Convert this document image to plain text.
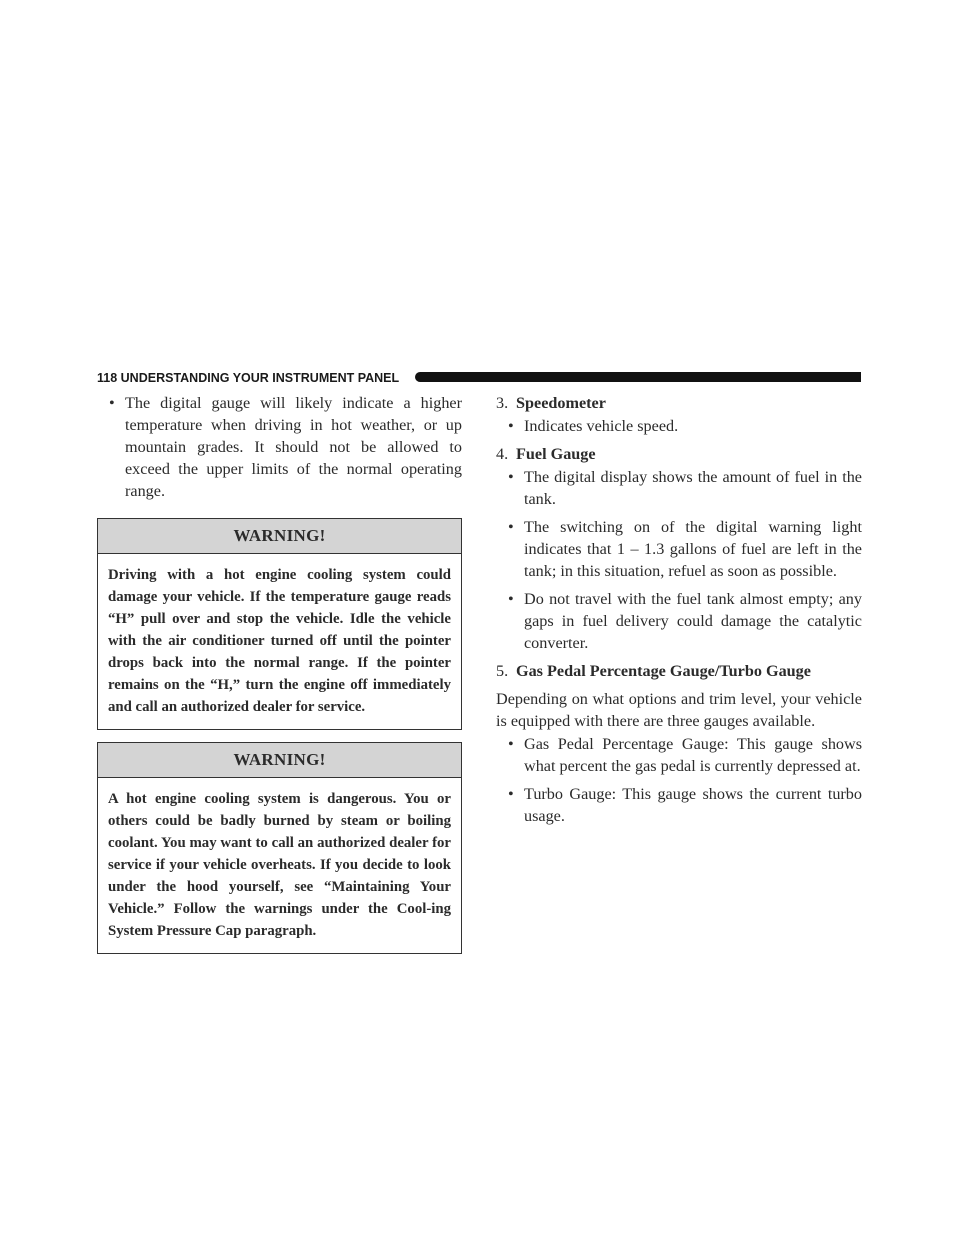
118 UNDERSTANDING YOUR INSTRUMENT PANEL
• The digital gauge will likely indicate a higher temperature when driving in hot weather, or up mountain grades. It should not be allowed to exceed the upper limits of the normal operating range.
WARNING!
Driving with a hot engine cooling system could damage your vehicle. If the temperature gauge reads “H” pull over and stop the vehicle. Idle the vehicle with the air conditioner turned off until the pointer drops back into the normal range. If the pointer remains on the “H,” turn the engine off immediately and call an authorized dealer for service.
WARNING!
A hot engine cooling system is dangerous. You or others could be badly burned by steam or boiling coolant. You may want to call an authorized dealer for service if your vehicle overheats. If you decide to look under the hood yourself, see “Maintaining Your Vehicle.” Follow the warnings under the Cool-ing System Pressure Cap paragraph.
3. Speedometer
• Indicates vehicle speed.
4. Fuel Gauge
• The digital display shows the amount of fuel in the tank.
• The switching on of the digital warning light indicates that 1 – 1.3 gallons of fuel are left in the tank; in this situation, refuel as soon as possible.
• Do not travel with the fuel tank almost empty; any gaps in fuel delivery could damage the catalytic converter.
5. Gas Pedal Percentage Gauge/Turbo Gauge
Depending on what options and trim level, your vehicle is equipped with there are three gauges available.
• Gas Pedal Percentage Gauge: This gauge shows what percent the gas pedal is currently depressed at.
• Turbo Gauge: This gauge shows the current turbo usage.
